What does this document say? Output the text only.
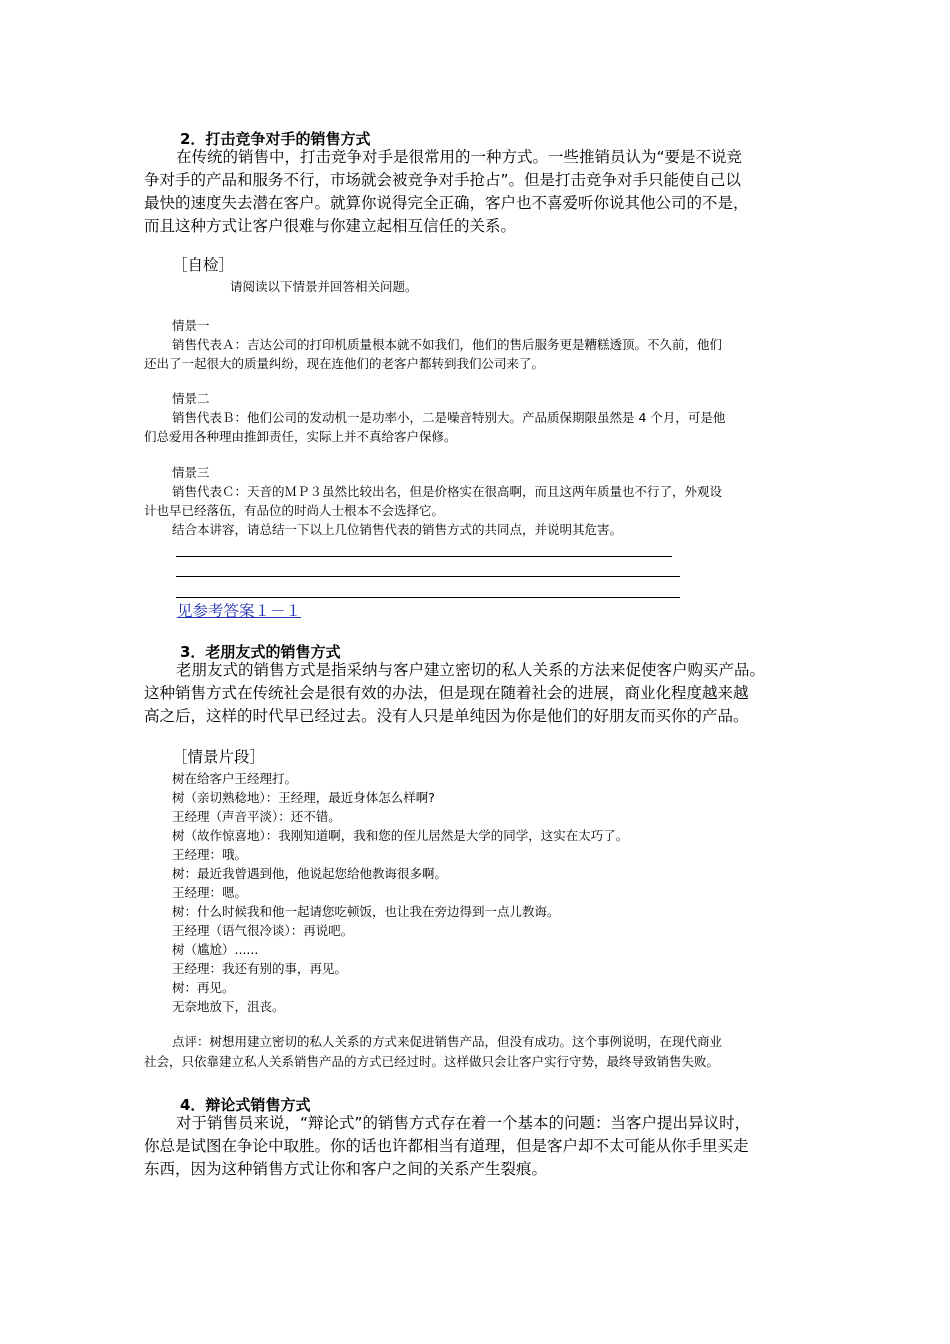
2．打击竞争对手的销售方式
在传统的销售中，打击竞争对手是很常用的一种方式。一些推销员认为“要是不说竞
争对手的产品和服务不行，市场就会被竞争对手抢占”。但是打击竞争对手只能使自己以
最快的速度失去潜在客户。就算你说得完全正确，客户也不喜爱听你说其他公司的不是，
而且这种方式让客户很难与你建立起相互信任的关系。
［自检］
请阅读以下情景并回答相关问题。
情景一
销售代表Ａ：吉达公司的打印机质量根本就不如我们，他们的售后服务更是糟糕透顶。不久前，他们
还出了一起很大的质量纠纷，现在连他们的老客户都转到我们公司来了。
情景二
销售代表Ｂ：他们公司的发动机一是功率小，二是噪音特别大。产品质保期限虽然是 4 个月，可是他
们总爱用各种理由推卸责任，实际上并不真给客户保修。
情景三
销售代表Ｃ：天音的ＭＰ３虽然比较出名，但是价格实在很高啊，而且这两年质量也不行了，外观设
计也早已经落伍，有品位的时尚人士根本不会选择它。
结合本讲容，请总结一下以上几位销售代表的销售方式的共同点，并说明其危害。
见参考答案１－１
3．老朋友式的销售方式
老朋友式的销售方式是指采纳与客户建立密切的私人关系的方法来促使客户购买产品。
这种销售方式在传统社会是很有效的办法，但是现在随着社会的进展，商业化程度越来越
高之后，这样的时代早已经过去。没有人只是单纯因为你是他们的好朋友而买你的产品。
［情景片段］
树在给客户王经理打。
树（亲切熟稔地）：王经理，最近身体怎么样啊?
王经理（声音平淡）：还不错。
树（故作惊喜地）：我刚知道啊，我和您的侄儿居然是大学的同学，这实在太巧了。
王经理：哦。
树：最近我曾遇到他，他说起您给他教诲很多啊。
王经理：嗯。
树：什么时候我和他一起请您吃顿饭，也让我在旁边得到一点儿教诲。
王经理（语气很冷谈）：再说吧。
树（尴尬）......
王经理：我还有别的事，再见。
树：再见。
无奈地放下，沮丧。
点评：树想用建立密切的私人关系的方式来促进销售产品，但没有成功。这个事例说明，在现代商业
社会，只依靠建立私人关系销售产品的方式已经过时。这样做只会让客户实行守势，最终导致销售失败。
4．辩论式销售方式
对于销售员来说，“辩论式”的销售方式存在着一个基本的问题：当客户提出异议时，
你总是试图在争论中取胜。你的话也许都相当有道理，但是客户却不太可能从你手里买走
东西，因为这种销售方式让你和客户之间的关系产生裂痕。
